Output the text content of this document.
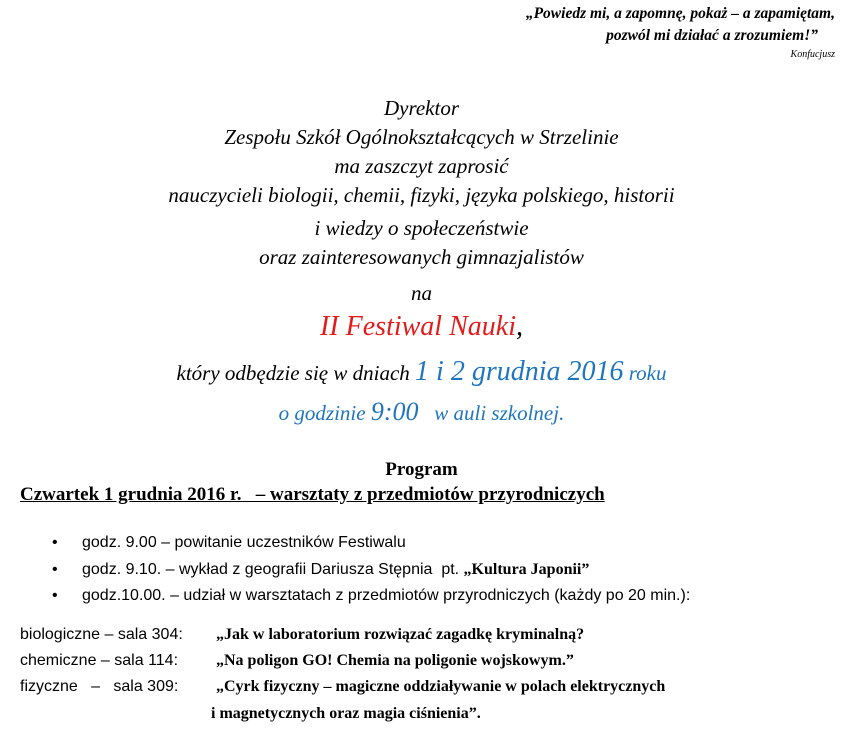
„Powiedz mi, a zapomnę, pokaż – a zapamiętam,
pozwól mi działać a zrozumiem!”
Konfucjusz
Dyrektor
Zespołu Szkół Ogólnokształcących w Strzelinie
ma zaszczyt zaprosić
nauczycieli biologii, chemii, fizyki, języka polskiego, historii
i wiedzy o społeczeństwie
oraz zainteresowanych gimnazjalistów
na
II Festiwal Nauki,
który odbędzie się w dniach 1 i 2 grudnia 2016 roku
o godzinie 9:00   w auli szkolnej.
Program
Czwartek 1 grudnia 2016 r.   – warsztaty z przedmiotów przyrodniczych
• godz. 9.00 – powitanie uczestników Festiwalu
• godz. 9.10. – wykład z geografii Dariusza Stępnia  pt. „Kultura Japonii”
• godz.10.00. – udział w warsztatach z przedmiotów przyrodniczych (każdy po 20 min.):
biologiczne – sala 304: „Jak w laboratorium rozwiązać zagadkę kryminalną?
chemiczne – sala 114: „Na poligon GO! Chemia na poligonie wojskowym.”
fizyczne   –   sala 309: „Cyrk fizyczny – magiczne oddziaływanie w polach elektrycznych
i magnetycznych oraz magia ciśnienia”.
